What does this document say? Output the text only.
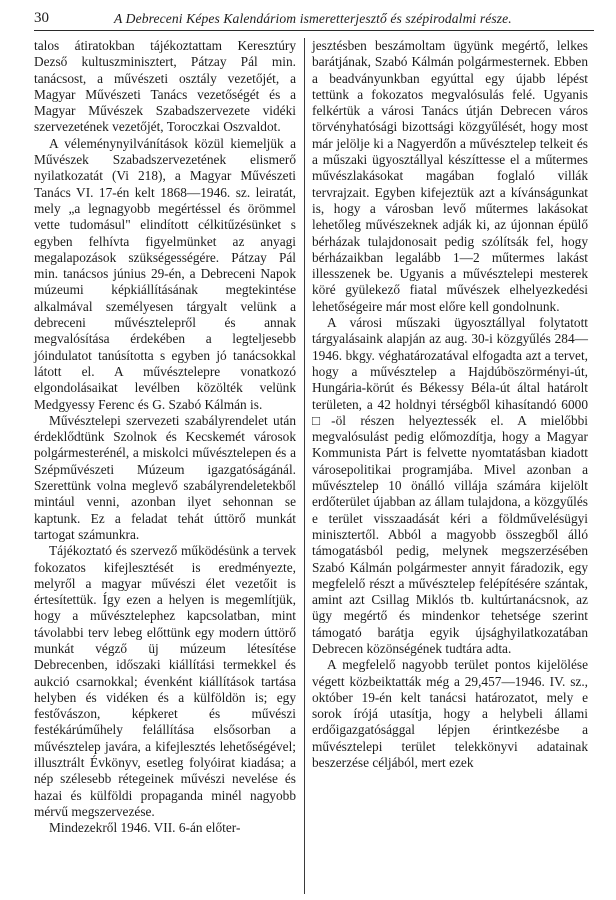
30	A Debreceni Képes Kalendáriom ismeretterjesztő és szépirodalmi része.

talos átiratokban tájékoztattam Keresztúry Dezső kultuszminisztert, Pátzay Pál min. tanácsost, a művészeti osztály vezetőjét, a Magyar Művészeti Tanács vezetőségét és a Magyar Művészek Szabadszervezete vidéki szervezetének vezetőjét, Toroczkai Oszvaldot.

A véleménynyilvánítások közül kiemeljük a Művészek Szabadszervezetének elismerő nyilatkozatát (Vi 218), a Magyar Művészeti Tanács VI. 17-én kelt 1868—1946. sz. leiratát, mely „a legnagyobb megértéssel és örömmel vette tudomásul" elindított célkitűzésünket s egyben felhívta figyelmünket az anyagi megalapozások szükségességére. Pátzay Pál min. tanácsos június 29-én, a Debreceni Napok múzeumi képkiállításának megtekintése alkalmával személyesen tárgyalt velünk a debreceni művésztelepről és annak megvalósítása érdekében a legteljesebb jóindulatot tanúsította s egyben jó tanácsokkal látott el. A művésztelepre vonatkozó elgondolásaikat levélben közölték velünk Medgyessy Ferenc és G. Szabó Kálmán is.

Művésztelepi szervezeti szabályrendelet után érdeklődtünk Szolnok és Kecskemét városok polgármesterénél, a miskolci művésztelepen és a Szépművészeti Múzeum igazgatóságánál. Szerettünk volna meglevő szabályrendeletekből mintául venni, azonban ilyet sehonnan se kaptunk. Ez a feladat tehát úttörő munkát tartogat számunkra.

Tájékoztató és szervező működésünk a tervek fokozatos kifejlesztését is eredményezte, melyről a magyar művészi élet vezetőit is értesítettük. Így ezen a helyen is megemlítjük, hogy a művésztelephez kapcsolatban, mint távolabbi terv lebeg előttünk egy modern úttörő munkát végző üj múzeum létesítése Debrecenben, időszaki kiállítási termekkel és aukció csarnokkal; évenként kiállítások tartása helyben és vidéken és a külföldön is; egy festővászon, képkeret és művészi festékárúműhely felállítása elsősorban a művésztelep javára, a kifejlesztés lehetőségével; illusztrált Évkönyv, esetleg folyóirat kiadása; a nép szélesebb rétegeinek művészi nevelése és hazai és külföldi propaganda minél nagyobb mérvű megszervezése.

Mindezekről 1946. VII. 6-án előter-

jesztésben beszámoltam ügyünk megértő, lelkes barátjának, Szabó Kálmán polgármesternek. Ebben a beadványunkban egyúttal egy újabb lépést tettünk a fokozatos megvalósulás felé. Ugyanis felkértük a városi Tanács útján Debrecen város törvényhatósági bizottsági közgyűlését, hogy most már jelölje ki a Nagyerdőn a művésztelep telkeit és a műszaki ügyosztállyal készíttesse el a műtermes művészlakásokat magában foglaló villák tervrajzait. Egyben kifejeztük azt a kívánságunkat is, hogy a városban levő műtermes lakásokat lehetőleg művészeknek adják ki, az újonnan épülő bérházak tulajdonosait pedig szólítsák fel, hogy bérházaikban legalább 1—2 műtermes lakást illesszenek be. Ugyanis a művésztelepi mesterek köré gyülekező fiatal művészek elhelyezkedési lehetőségeire már most előre kell gondolnunk.

A városi műszaki ügyosztállyal folytatott tárgyalásaink alapján az aug. 30-i közgyűlés 284—1946. bkgy. véghatározatával elfogadta azt a tervet, hogy a művésztelep a Hajdúböszörményi-út, Hungária-körút és Békessy Béla-út által határolt területen, a 42 holdnyi térségből kihasítandó 6000 □-öl részen helyeztessék el. A mielőbbi megvalósulást pedig előmozdítja, hogy a Magyar Kommunista Párt is felvette nyomtatásban kiadott városepolitikai programjába. Mivel azonban a művésztelep 10 önálló villája számára kijelölt erdőterület újabban az állam tulajdona, a közgyűlés e terület visszaadását kéri a földművelésügyi minisztertől. Abból a magyobb összegből álló támogatásból pedig, melynek megszerzésében Szabó Kálmán polgármester annyit fáradozik, egy megfelelő részt a művésztelep felépítésére szántak, amint azt Csillag Miklós tb. kultúrtanácsnok, az ügy megértő és mindenkor tehetsége szerint támogató barátja egyik újsághyilatkozatában Debrecen közönségének tudtára adta.

A megfelelő nagyobb terület pontos kijelölése végett közbeiktatták még a 29,457—1946. IV. sz., október 19-én kelt tanácsi határozatot, mely e sorok írójá utasítja, hogy a helybeli állami erdőigazgatósággal lépjen érintkezésbe a művésztelepi terület telekkönyvi adatainak beszerzése céljából, mert ezek
